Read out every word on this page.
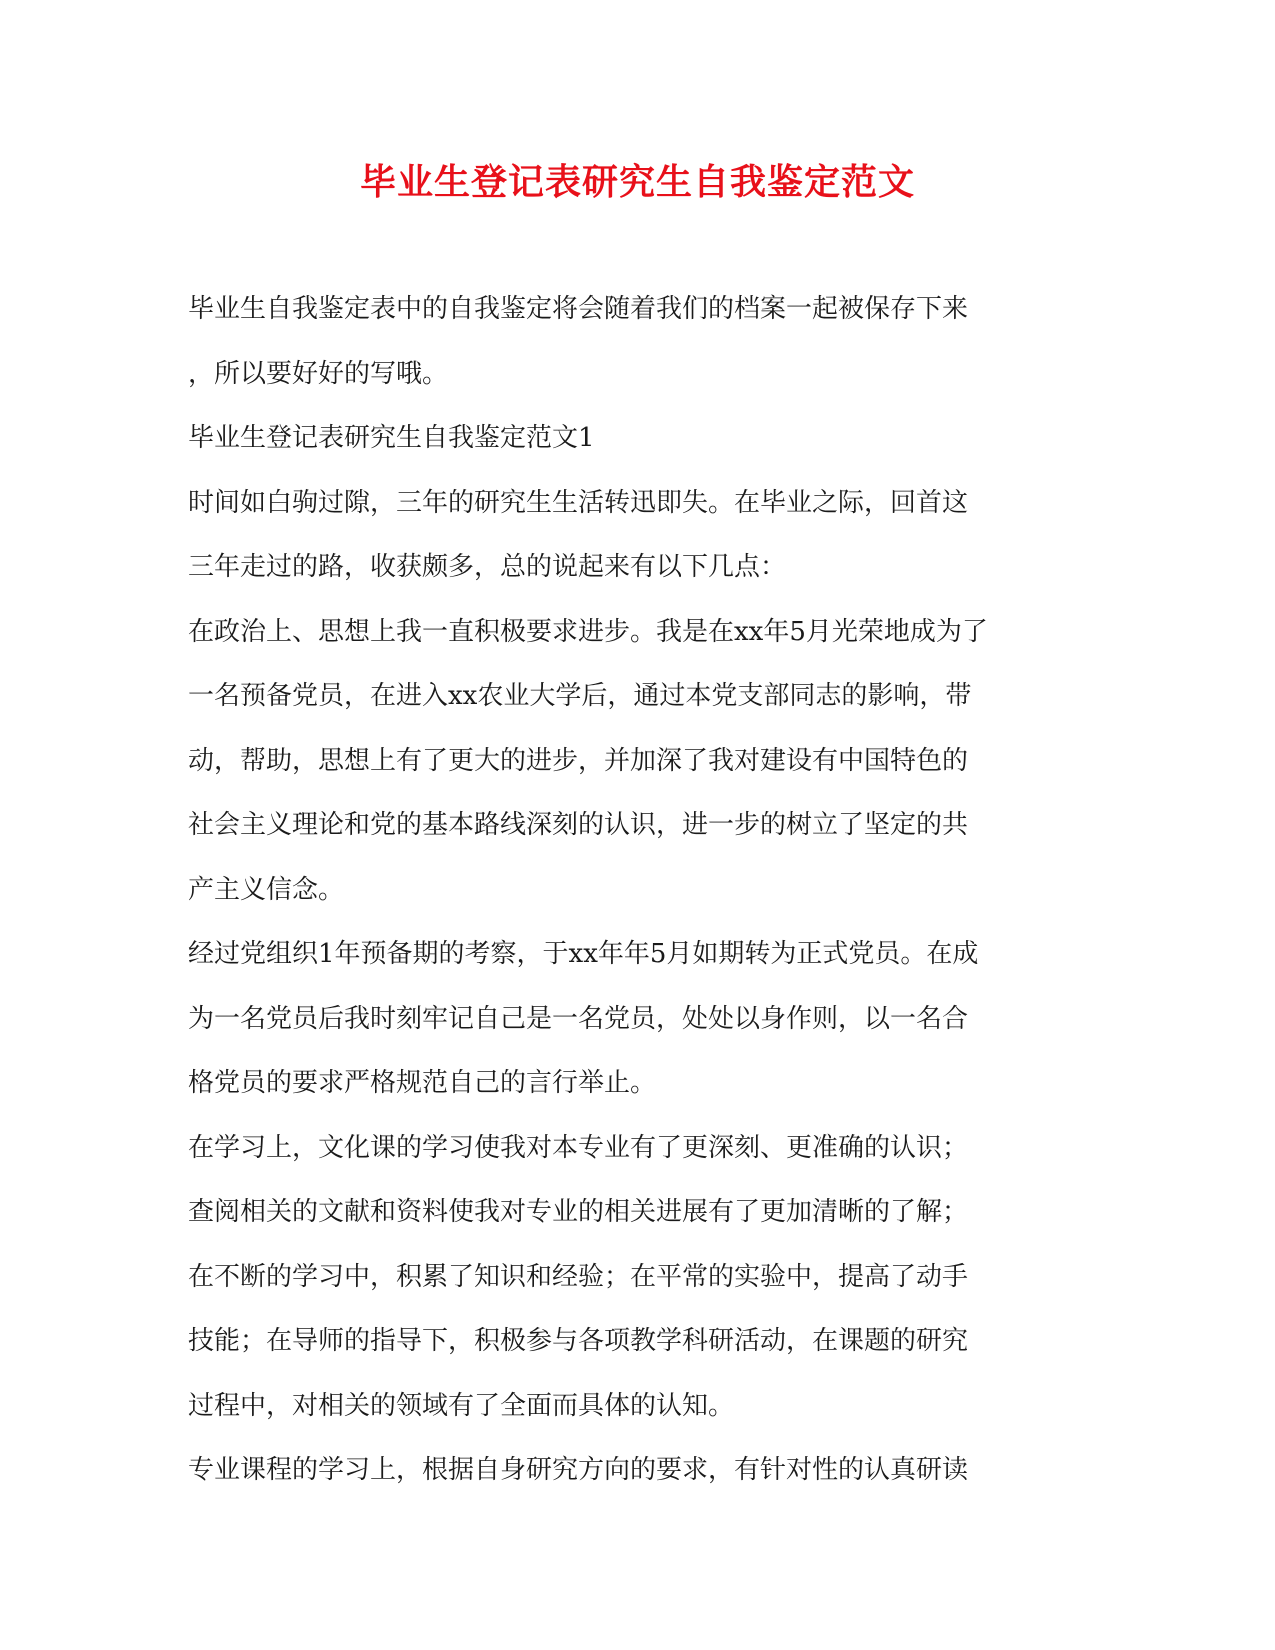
毕业生登记表研究生自我鉴定范文
毕业生自我鉴定表中的自我鉴定将会随着我们的档案一起被保存下来
，所以要好好的写哦。
毕业生登记表研究生自我鉴定范文1
时间如白驹过隙，三年的研究生生活转迅即失。在毕业之际，回首这
三年走过的路，收获颇多，总的说起来有以下几点：
在政治上、思想上我一直积极要求进步。我是在xx年5月光荣地成为了
一名预备党员，在进入xx农业大学后，通过本党支部同志的影响，带
动，帮助，思想上有了更大的进步，并加深了我对建设有中国特色的
社会主义理论和党的基本路线深刻的认识，进一步的树立了坚定的共
产主义信念。
经过党组织1年预备期的考察，于xx年年5月如期转为正式党员。在成
为一名党员后我时刻牢记自己是一名党员，处处以身作则，以一名合
格党员的要求严格规范自己的言行举止。
在学习上，文化课的学习使我对本专业有了更深刻、更准确的认识；
查阅相关的文献和资料使我对专业的相关进展有了更加清晰的了解；
在不断的学习中，积累了知识和经验；在平常的实验中，提高了动手
技能；在导师的指导下，积极参与各项教学科研活动，在课题的研究
过程中，对相关的领域有了全面而具体的认知。
专业课程的学习上，根据自身研究方向的要求，有针对性的认真研读
